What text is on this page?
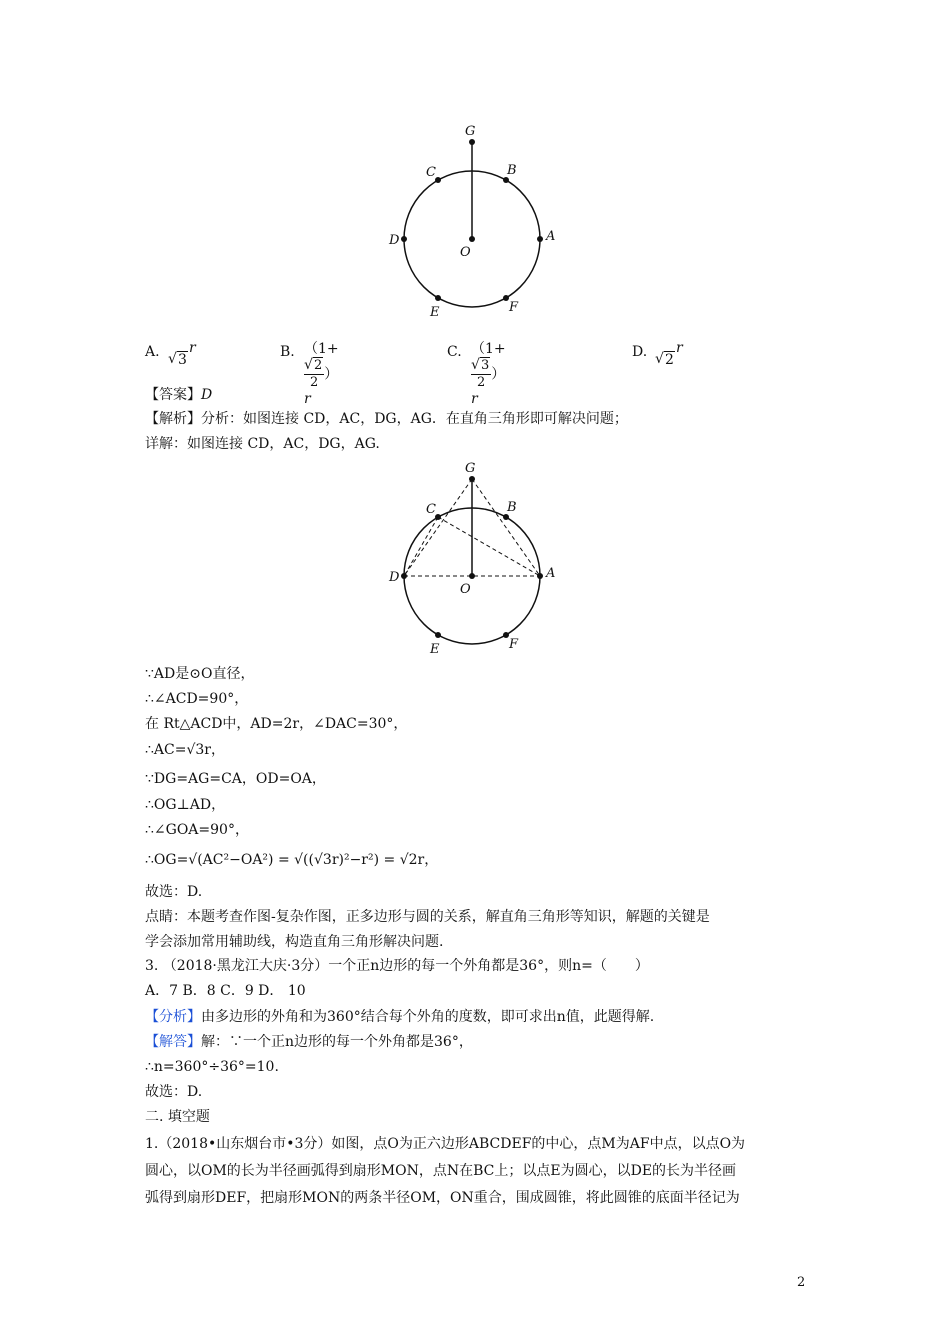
G
C	B
D
O
A
E	F
A.	√ 3
r	B. （1+
√ $\frac{2}{2} )r$
C. （1+
√ $\frac{3}{2} )r$
D.	√ 2
r
【答案】D
【解析】分析：如图连接 CD，AC，DG，AG．在直角三角形即可解决问题；
详解：如图连接 CD，AC，DG，AG.
G
C	B
D
O
A
E	F
∵AD是⊙O直径，
∴∠ACD=90°，
在 Rt△ACD中，AD=2r，∠DAC=30°，
∴AC=√3r，
∵DG=AG=CA，OD=OA，
∴OG⊥AD，
∴∠GOA=90°，
∴OG=√(AC²−OA²) = √((√3r)²−r²) = √2r，
故选：D.
点睛：本题考查作图-复杂作图，正多边形与圆的关系，解直角三角形等知识，解题的关键是
学会添加常用辅助线，构造直角三角形解决问题.
3. （2018·黑龙江大庆·3分）一个正n边形的每一个外角都是36°，则n=（　　）
A．7 B．8 C．9 D． 10
【分析】由多边形的外角和为360°结合每个外角的度数，即可求出n值，此题得解.
【解答】解：∵一个正n边形的每一个外角都是36°，
∴n=360°÷36°=10.
故选：D.
二. 填空题
1.（2018•山东烟台市•3分）如图，点O为正六边形ABCDEF的中心，点M为AF中点，以点O为
圆心，以OM的长为半径画弧得到扇形MON，点N在BC上；以点E为圆心，以DE的长为半径画
弧得到扇形DEF，把扇形MON的两条半径OM，ON重合，围成圆锥，将此圆锥的底面半径记为
2
